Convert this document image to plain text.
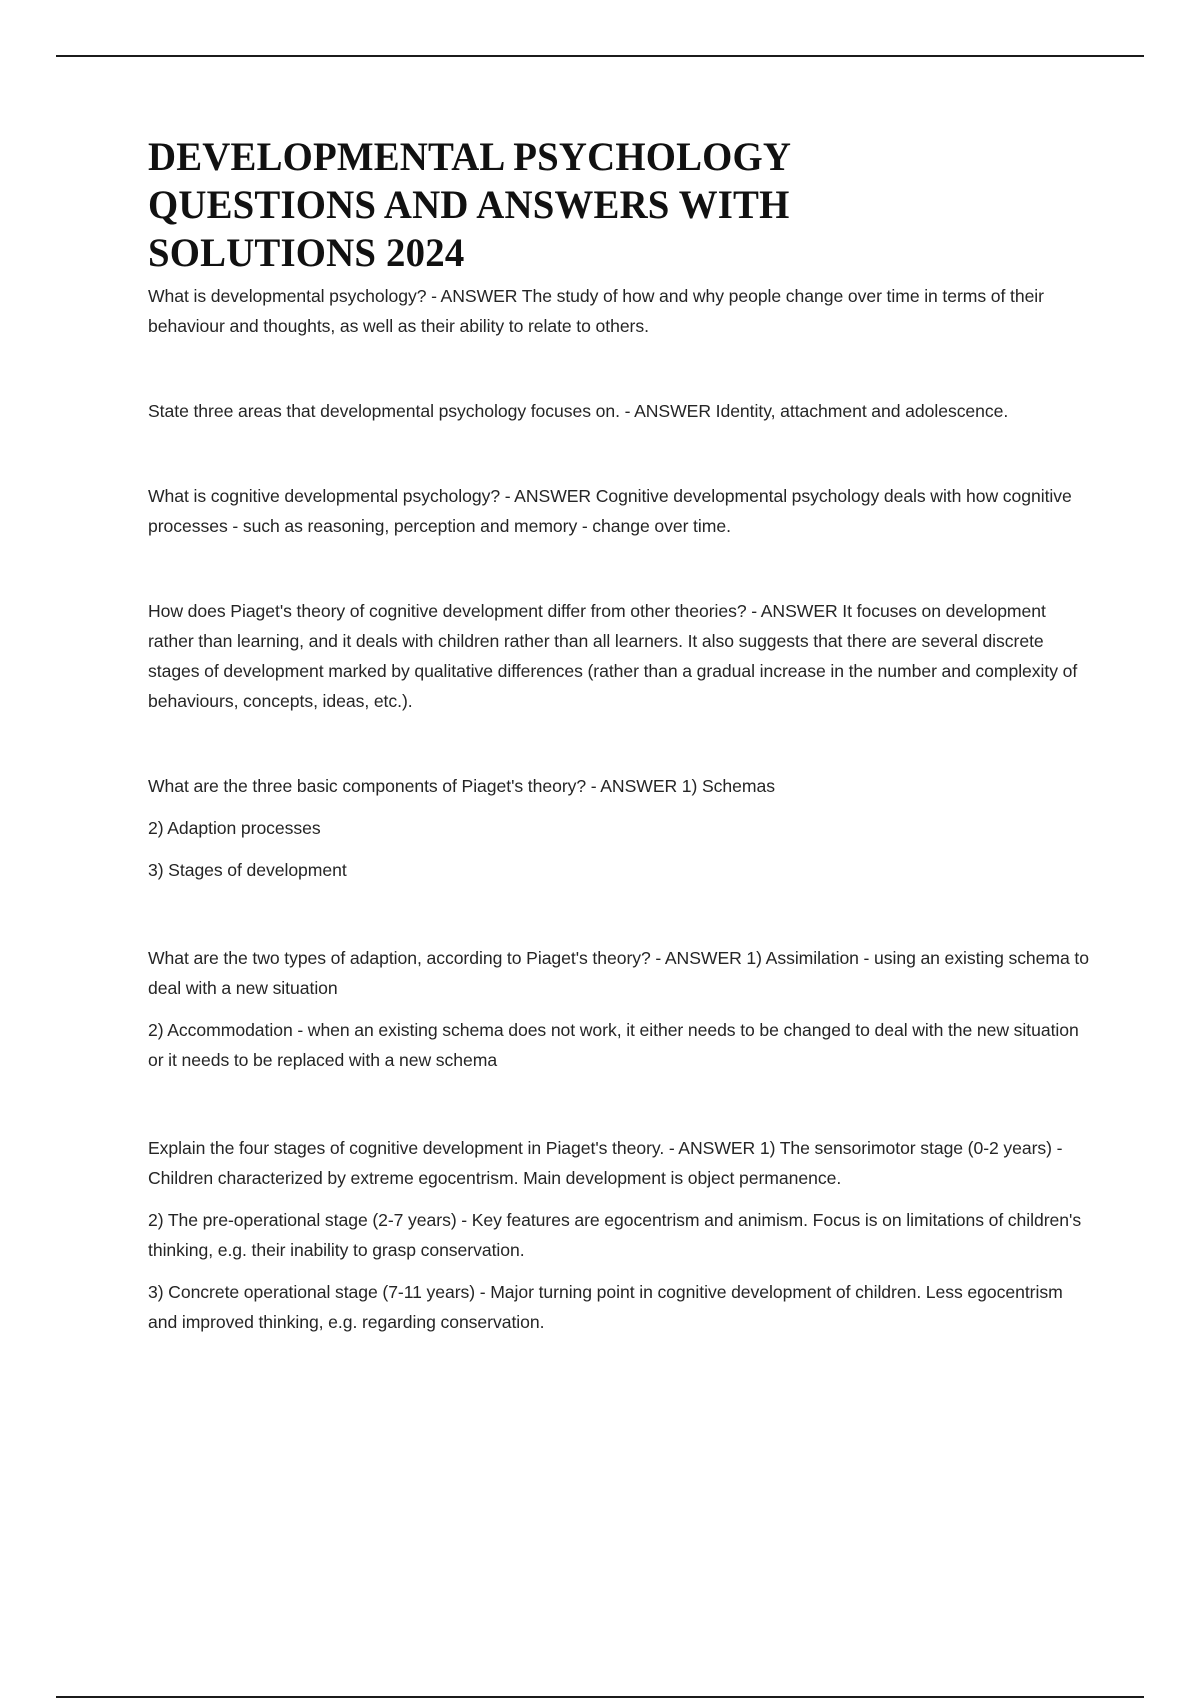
DEVELOPMENTAL PSYCHOLOGY QUESTIONS AND ANSWERS WITH SOLUTIONS 2024

What is developmental psychology? - ANSWER The study of how and why people change over time in terms of their behaviour and thoughts, as well as their ability to relate to others.

State three areas that developmental psychology focuses on. - ANSWER Identity, attachment and adolescence.

What is cognitive developmental psychology? - ANSWER Cognitive developmental psychology deals with how cognitive processes - such as reasoning, perception and memory - change over time.

How does Piaget's theory of cognitive development differ from other theories? - ANSWER It focuses on development rather than learning, and it deals with children rather than all learners. It also suggests that there are several discrete stages of development marked by qualitative differences (rather than a gradual increase in the number and complexity of behaviours, concepts, ideas, etc.).

What are the three basic components of Piaget's theory? - ANSWER 1) Schemas

2) Adaption processes

3) Stages of development

What are the two types of adaption, according to Piaget's theory? - ANSWER 1) Assimilation - using an existing schema to deal with a new situation

2) Accommodation - when an existing schema does not work, it either needs to be changed to deal with the new situation or it needs to be replaced with a new schema

Explain the four stages of cognitive development in Piaget's theory. - ANSWER 1) The sensorimotor stage (0-2 years) - Children characterized by extreme egocentrism. Main development is object permanence.

2) The pre-operational stage (2-7 years) - Key features are egocentrism and animism. Focus is on limitations of children's thinking, e.g. their inability to grasp conservation.

3) Concrete operational stage (7-11 years) - Major turning point in cognitive development of children. Less egocentrism and improved thinking, e.g. regarding conservation.
